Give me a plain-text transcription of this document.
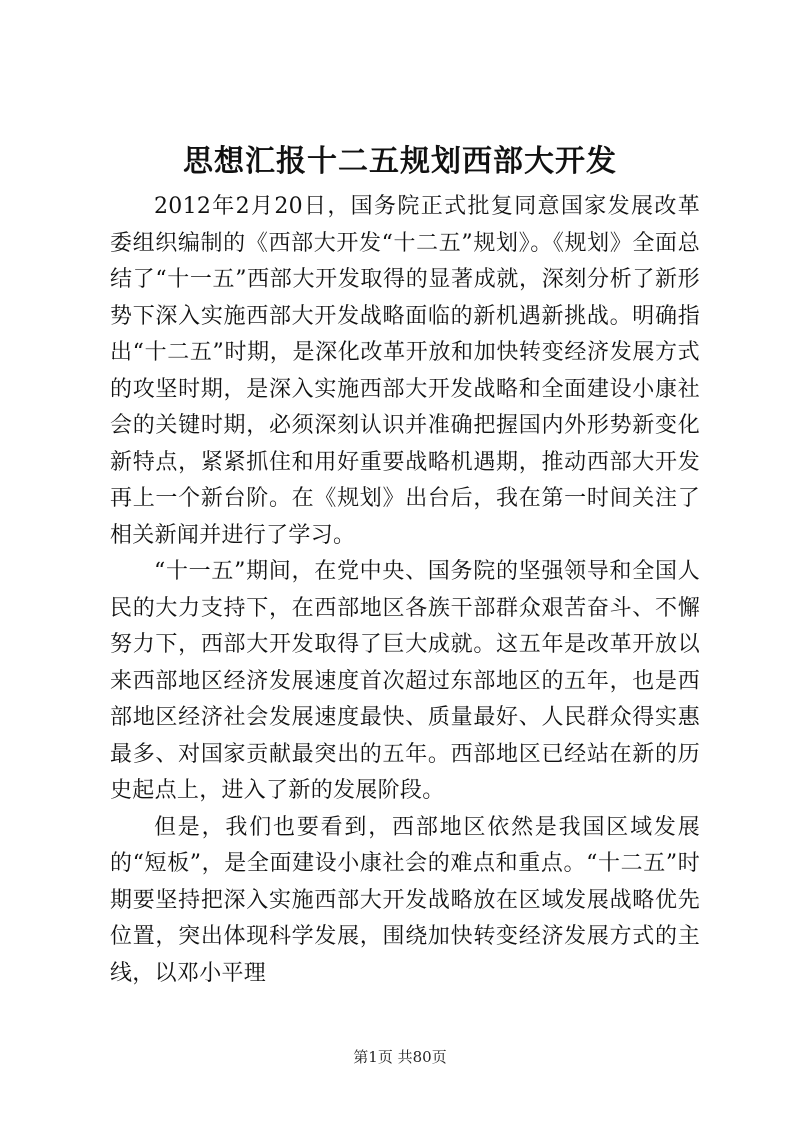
思想汇报十二五规划西部大开发

2012年2月20日，国务院正式批复同意国家发展改革委组织编制的《西部大开发“十二五”规划》。《规划》全面总结了“十一五”西部大开发取得的显著成就，深刻分析了新形势下深入实施西部大开发战略面临的新机遇新挑战。明确指出“十二五”时期，是深化改革开放和加快转变经济发展方式的攻坚时期，是深入实施西部大开发战略和全面建设小康社会的关键时期，必须深刻认识并准确把握国内外形势新变化新特点，紧紧抓住和用好重要战略机遇期，推动西部大开发再上一个新台阶。在《规划》出台后，我在第一时间关注了相关新闻并进行了学习。

“十一五”期间，在党中央、国务院的坚强领导和全国人民的大力支持下，在西部地区各族干部群众艰苦奋斗、不懈努力下，西部大开发取得了巨大成就。这五年是改革开放以来西部地区经济发展速度首次超过东部地区的五年，也是西部地区经济社会发展速度最快、质量最好、人民群众得实惠最多、对国家贡献最突出的五年。西部地区已经站在新的历史起点上，进入了新的发展阶段。

但是，我们也要看到，西部地区依然是我国区域发展的“短板”，是全面建设小康社会的难点和重点。“十二五”时期要坚持把深入实施西部大开发战略放在区域发展战略优先位置，突出体现科学发展，围绕加快转变经济发展方式的主线，以邓小平理

第1页 共80页
